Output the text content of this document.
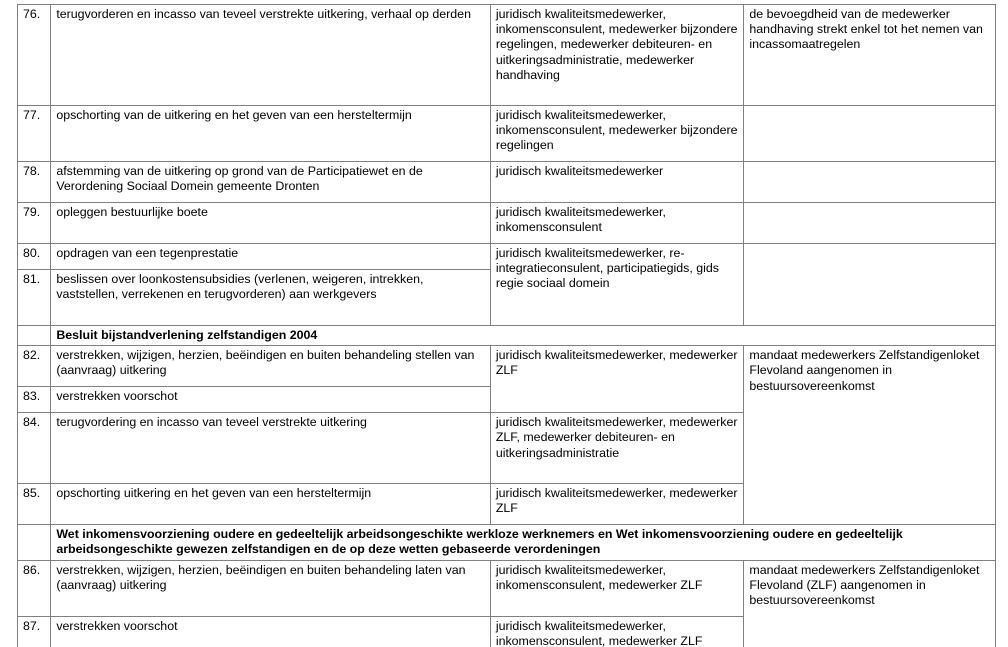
76.	terugvorderen en incasso van teveel verstrekte uitkering, verhaal op derden	juridisch kwaliteitsmedewerker, inkomensconsulent, medewerker bijzondere regelingen, medewerker debiteuren- en uitkeringsadministratie, medewerker handhaving	de bevoegdheid van de medewerker handhaving strekt enkel tot het nemen van incassomaatregelen

77.	opschorting van de uitkering en het geven van een hersteltermijn	juridisch kwaliteitsmedewerker, inkomensconsulent, medewerker bijzondere regelingen	

78.	afstemming van de uitkering op grond van de Participatiewet en de Verordening Sociaal Domein gemeente Dronten	juridisch kwaliteitsmedewerker	

79.	opleggen bestuurlijke boete	juridisch kwaliteitsmedewerker, inkomensconsulent	

80.	opdragen van een tegenprestatie	juridisch kwaliteitsmedewerker, re-integratieconsulent, participatiegids, gids regie sociaal domein	

81.	beslissen over loonkostensubsidies (verlenen, weigeren, intrekken, vaststellen, verrekenen en terugvorderen) aan werkgevers		

	Besluit bijstandverlening zelfstandigen 2004		

82.	verstrekken, wijzigen, herzien, beëindigen en buiten behandeling stellen van (aanvraag) uitkering	juridisch kwaliteitsmedewerker, medewerker ZLF	mandaat medewerkers Zelfstandigenloket Flevoland aangenomen in bestuursovereenkomst

83.	verstrekken voorschot		

84.	terugvordering en incasso van teveel verstrekte uitkering	juridisch kwaliteitsmedewerker, medewerker ZLF, medewerker debiteuren- en uitkeringsadministratie	

85.	opschorting uitkering en het geven van een hersteltermijn	juridisch kwaliteitsmedewerker, medewerker ZLF	

	Wet inkomensvoorziening oudere en gedeeltelijk arbeidsongeschikte werkloze werknemers en Wet inkomensvoorziening oudere en gedeeltelijk arbeidsongeschikte gewezen zelfstandigen en de op deze wetten gebaseerde verordeningen		

86.	verstrekken, wijzigen, herzien, beëindigen en buiten behandeling laten van (aanvraag) uitkering	juridisch kwaliteitsmedewerker, inkomensconsulent, medewerker ZLF	mandaat medewerkers Zelfstandigenloket Flevoland (ZLF) aangenomen in bestuursovereenkomst

87.	verstrekken voorschot	juridisch kwaliteitsmedewerker, inkomensconsulent, medewerker ZLF	
